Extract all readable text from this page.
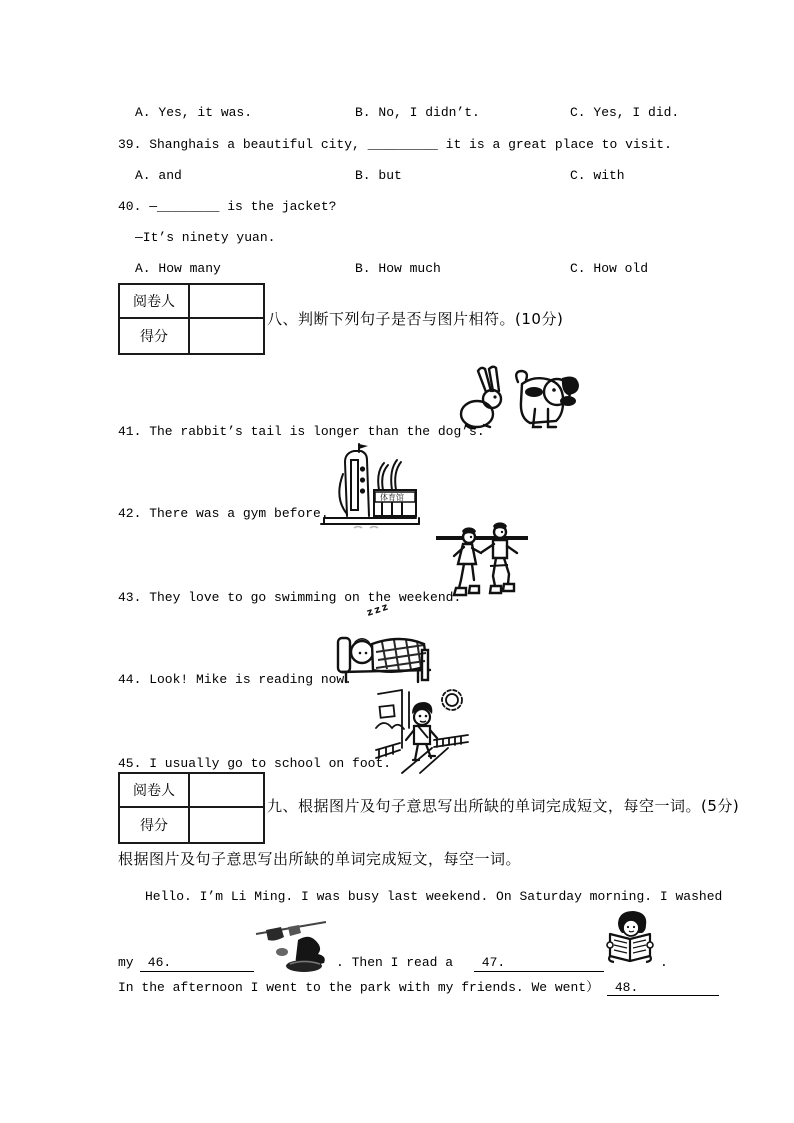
A. Yes, it was.	B. No, I didn’t.	C. Yes, I did.
39. Shanghais a beautiful city, _________ it is a great place to visit.
A. and	B. but	C. with
40. —________ is the jacket?
—It’s ninety yuan.
A. How many	B. How much	C. How old
阅卷人
得分
八、判断下列句子是否与图片相符。(10分)
41. The rabbit’s tail is longer than the dog’s.
体育馆
42. There was a gym before.
43. They love to go swimming on the weekend.
zzz
44. Look! Mike is reading now.
45. I usually go to school on foot.
阅卷人
得分
九、根据图片及句子意思写出所缺的单词完成短文，每空一词。(5分)
根据图片及句子意思写出所缺的单词完成短文，每空一词。
Hello. I’m Li Ming. I was busy last weekend. On Saturday morning. I washed
my 46.	. Then I read a 47.	.
In the afternoon I went to the park with my friends. We went） 48.
